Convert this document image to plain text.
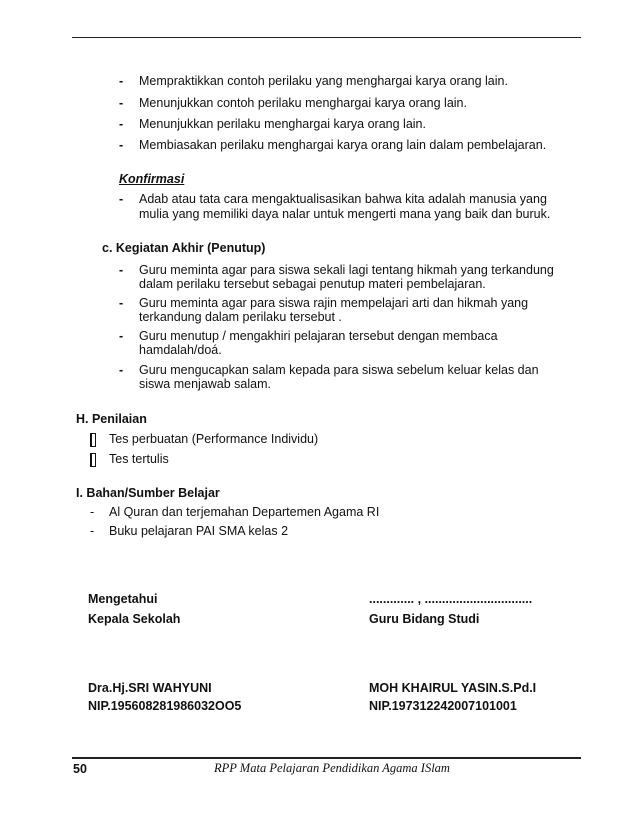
- Mempraktikkan contoh perilaku yang menghargai karya orang lain.
- Menunjukkan contoh perilaku menghargai karya orang lain.
- Menunjukkan perilaku menghargai karya orang lain.
- Membiasakan perilaku menghargai karya orang lain dalam pembelajaran.
Konfirmasi
- Adab atau tata cara mengaktualisasikan bahwa kita adalah manusia yang
mulia yang memiliki daya nalar untuk mengerti mana yang baik dan buruk.
c. Kegiatan Akhir (Penutup)
- Guru meminta agar para siswa sekali lagi tentang hikmah yang terkandung
dalam perilaku tersebut sebagai penutup materi pembelajaran.
- Guru meminta agar para siswa rajin mempelajari arti dan hikmah yang
terkandung dalam perilaku tersebut .
- Guru menutup / mengakhiri pelajaran tersebut dengan membaca
hamdalah/doá.
- Guru mengucapkan salam kepada para siswa sebelum keluar kelas dan
siswa menjawab salam.
H. Penilaian
Tes perbuatan (Performance Individu)
Tes tertulis
I. Bahan/Sumber Belajar
- Al Quran dan terjemahan Departemen Agama RI
- Buku pelajaran PAI SMA kelas 2
Mengetahui
Kepala Sekolah
Dra.Hj.SRI WAHYUNI
NIP.195608281986032OO5
............. , ...............................
Guru Bidang Studi
MOH KHAIRUL YASIN.S.Pd.I
NIP.197312242007101001
50	RPP Mata Pelajaran Pendidikan Agama ISlam
